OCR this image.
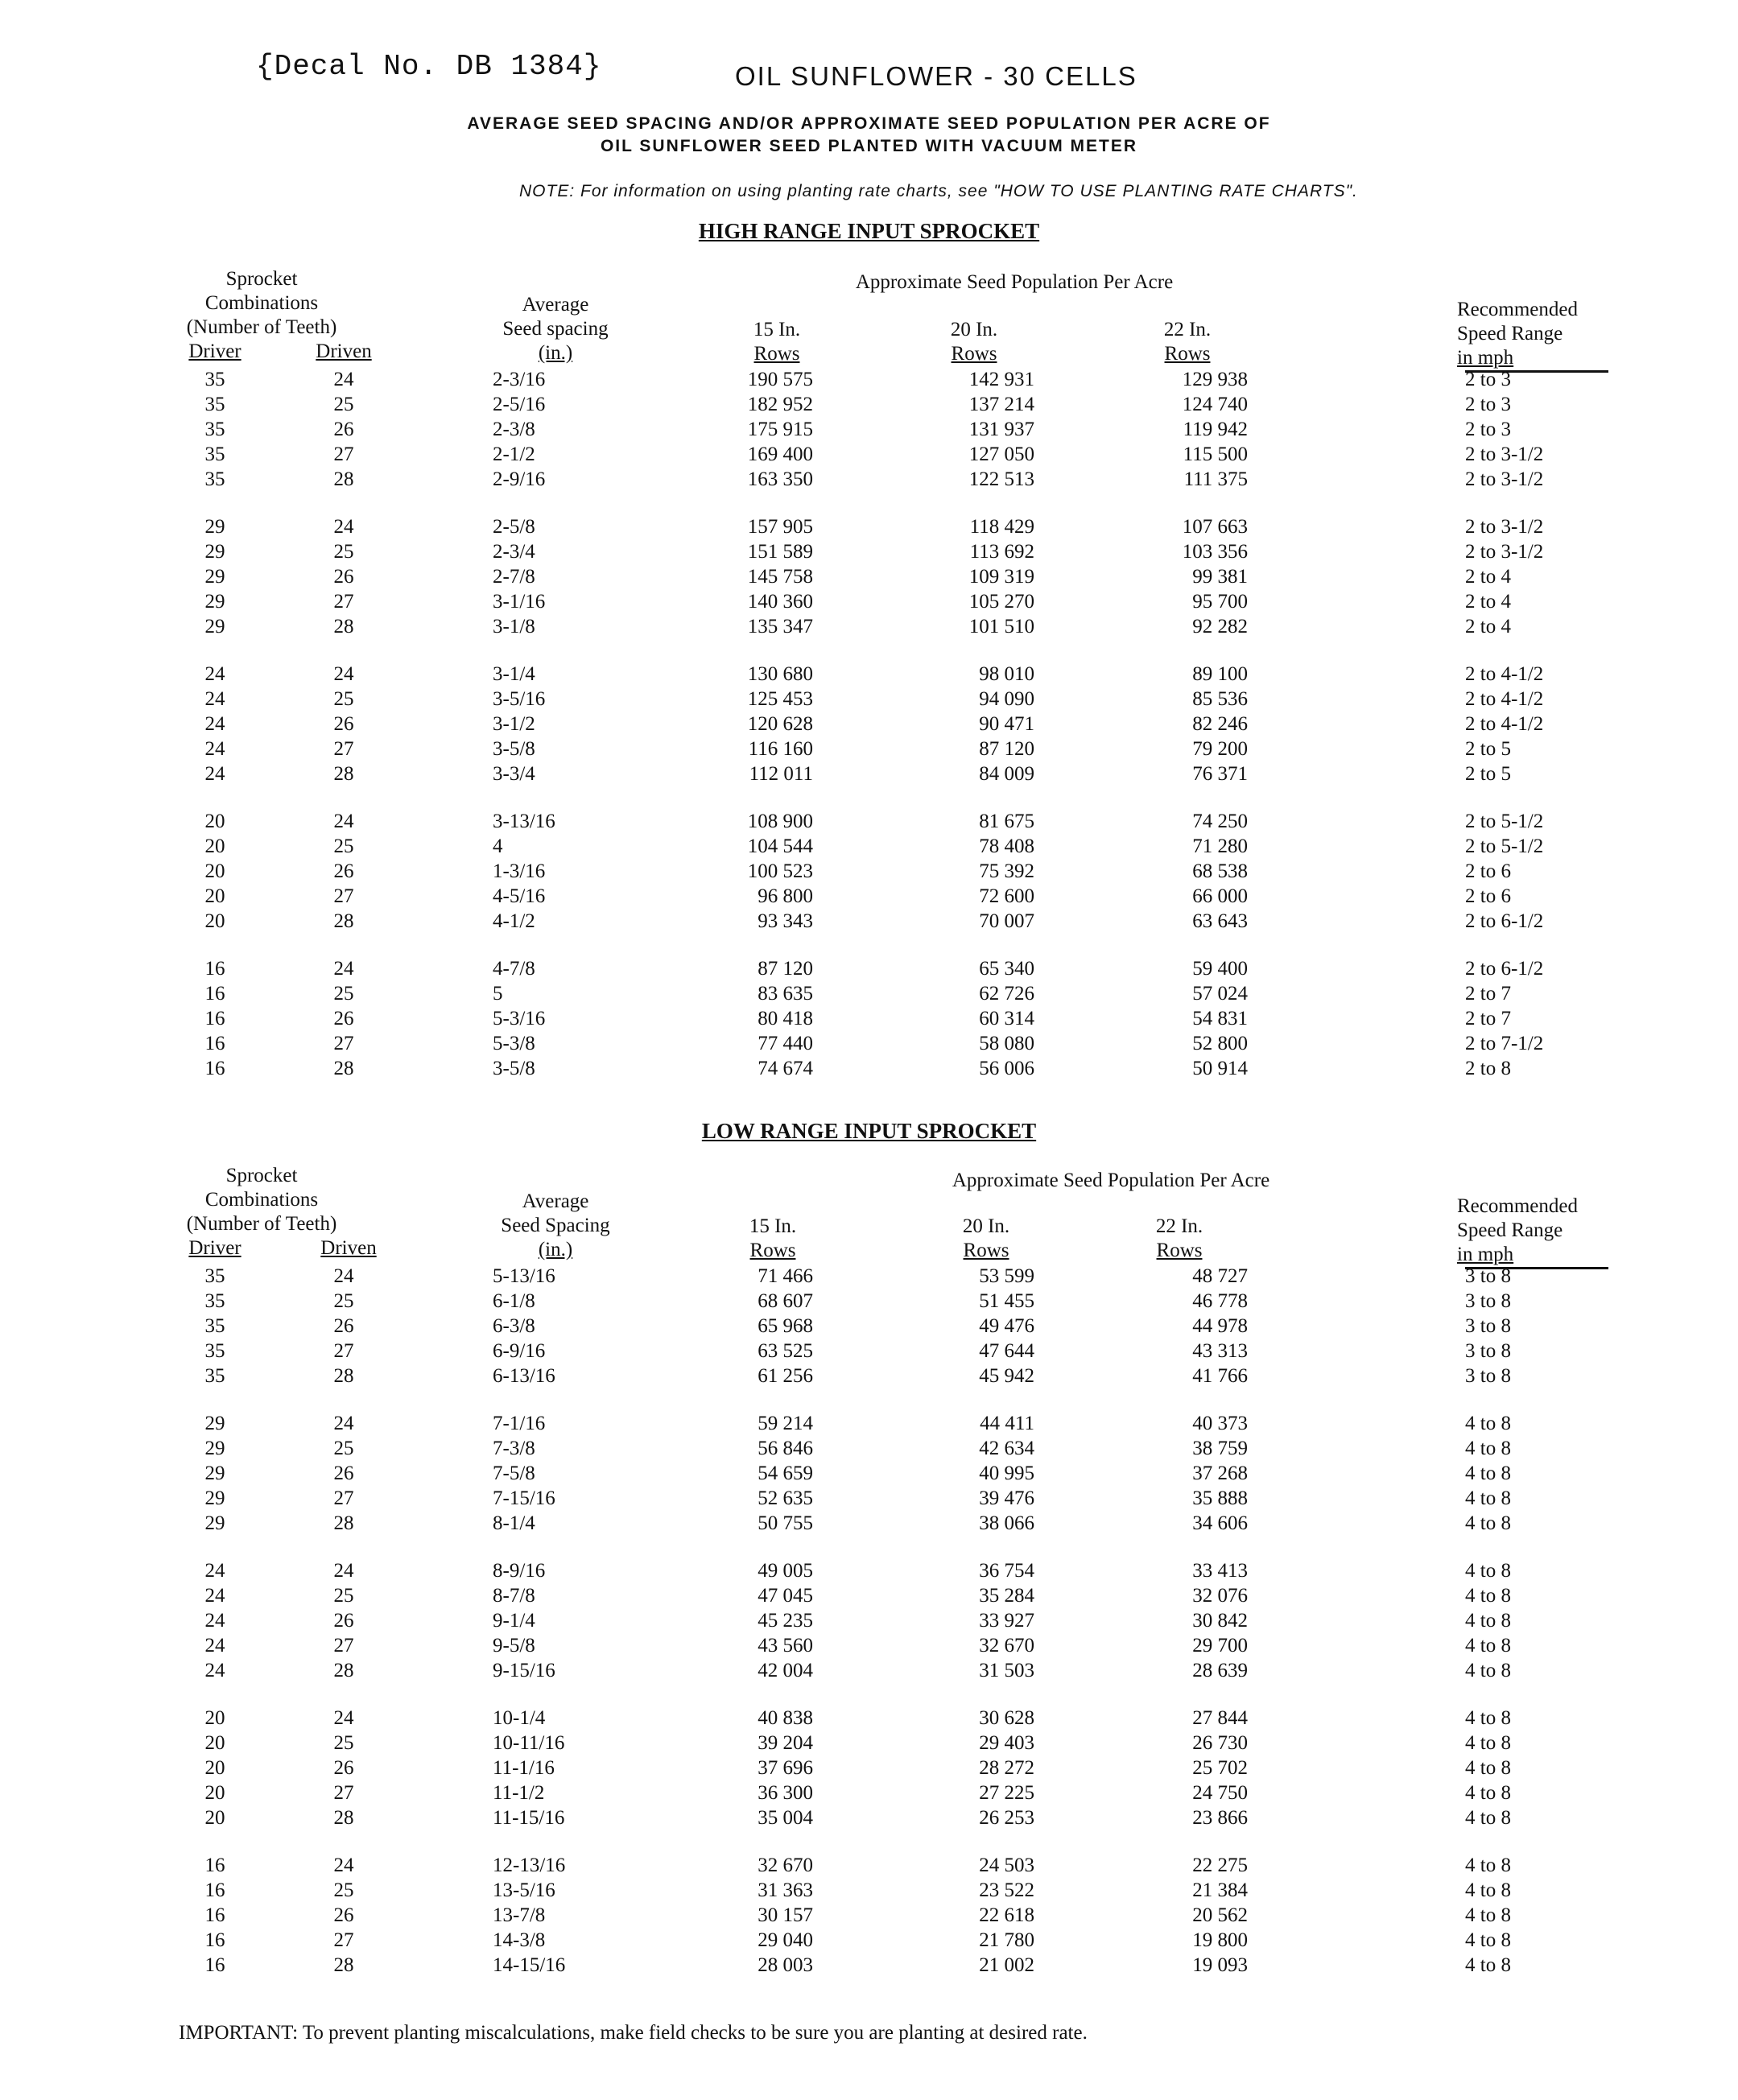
{Decal No. DB 1384}	OIL SUNFLOWER - 30 CELLS
AVERAGE SEED SPACING AND/OR APPROXIMATE SEED POPULATION PER ACRE OF
OIL SUNFLOWER SEED PLANTED WITH VACUUM METER
NOTE: For information on using planting rate charts, see "HOW TO USE PLANTING RATE CHARTS".
HIGH RANGE INPUT SPROCKET
Sprocket
Combinations
(Number of Teeth)
Driver	Driven
Average
Seed spacing
(in.)
Approximate Seed Population Per Acre
15 In.
Rows
20 In.
Rows
22 In.
Rows
Recommended
Speed Range
in mph
35	24	2-3/16	190 575	142 931	129 938	2 to 3
35	25	2-5/16	182 952	137 214	124 740	2 to 3
35	26	2-3/8	175 915	131 937	119 942	2 to 3
35	27	2-1/2	169 400	127 050	115 500	2 to 3-1/2
35	28	2-9/16	163 350	122 513	111 375	2 to 3-1/2
29	24	2-5/8	157 905	118 429	107 663	2 to 3-1/2
29	25	2-3/4	151 589	113 692	103 356	2 to 3-1/2
29	26	2-7/8	145 758	109 319	99 381	2 to 4
29	27	3-1/16	140 360	105 270	95 700	2 to 4
29	28	3-1/8	135 347	101 510	92 282	2 to 4
24	24	3-1/4	130 680	98 010	89 100	2 to 4-1/2
24	25	3-5/16	125 453	94 090	85 536	2 to 4-1/2
24	26	3-1/2	120 628	90 471	82 246	2 to 4-1/2
24	27	3-5/8	116 160	87 120	79 200	2 to 5
24	28	3-3/4	112 011	84 009	76 371	2 to 5
20	24	3-13/16	108 900	81 675	74 250	2 to 5-1/2
20	25	4	104 544	78 408	71 280	2 to 5-1/2
20	26	1-3/16	100 523	75 392	68 538	2 to 6
20	27	4-5/16	96 800	72 600	66 000	2 to 6
20	28	4-1/2	93 343	70 007	63 643	2 to 6-1/2
16	24	4-7/8	87 120	65 340	59 400	2 to 6-1/2
16	25	5	83 635	62 726	57 024	2 to 7
16	26	5-3/16	80 418	60 314	54 831	2 to 7
16	27	5-3/8	77 440	58 080	52 800	2 to 7-1/2
16	28	3-5/8	74 674	56 006	50 914	2 to 8
LOW RANGE INPUT SPROCKET
Sprocket
Combinations
(Number of Teeth)
Driver	Driven
Average
Seed Spacing
(in.)
Approximate Seed Population Per Acre
15 In.
Rows
20 In.
Rows
22 In.
Rows
Recommended
Speed Range
in mph
35	24	5-13/16	71 466	53 599	48 727	3 to 8
35	25	6-1/8	68 607	51 455	46 778	3 to 8
35	26	6-3/8	65 968	49 476	44 978	3 to 8
35	27	6-9/16	63 525	47 644	43 313	3 to 8
35	28	6-13/16	61 256	45 942	41 766	3 to 8
29	24	7-1/16	59 214	44 411	40 373	4 to 8
29	25	7-3/8	56 846	42 634	38 759	4 to 8
29	26	7-5/8	54 659	40 995	37 268	4 to 8
29	27	7-15/16	52 635	39 476	35 888	4 to 8
29	28	8-1/4	50 755	38 066	34 606	4 to 8
24	24	8-9/16	49 005	36 754	33 413	4 to 8
24	25	8-7/8	47 045	35 284	32 076	4 to 8
24	26	9-1/4	45 235	33 927	30 842	4 to 8
24	27	9-5/8	43 560	32 670	29 700	4 to 8
24	28	9-15/16	42 004	31 503	28 639	4 to 8
20	24	10-1/4	40 838	30 628	27 844	4 to 8
20	25	10-11/16	39 204	29 403	26 730	4 to 8
20	26	11-1/16	37 696	28 272	25 702	4 to 8
20	27	11-1/2	36 300	27 225	24 750	4 to 8
20	28	11-15/16	35 004	26 253	23 866	4 to 8
16	24	12-13/16	32 670	24 503	22 275	4 to 8
16	25	13-5/16	31 363	23 522	21 384	4 to 8
16	26	13-7/8	30 157	22 618	20 562	4 to 8
16	27	14-3/8	29 040	21 780	19 800	4 to 8
16	28	14-15/16	28 003	21 002	19 093	4 to 8
IMPORTANT: To prevent planting miscalculations, make field checks to be sure you are planting at desired rate.
